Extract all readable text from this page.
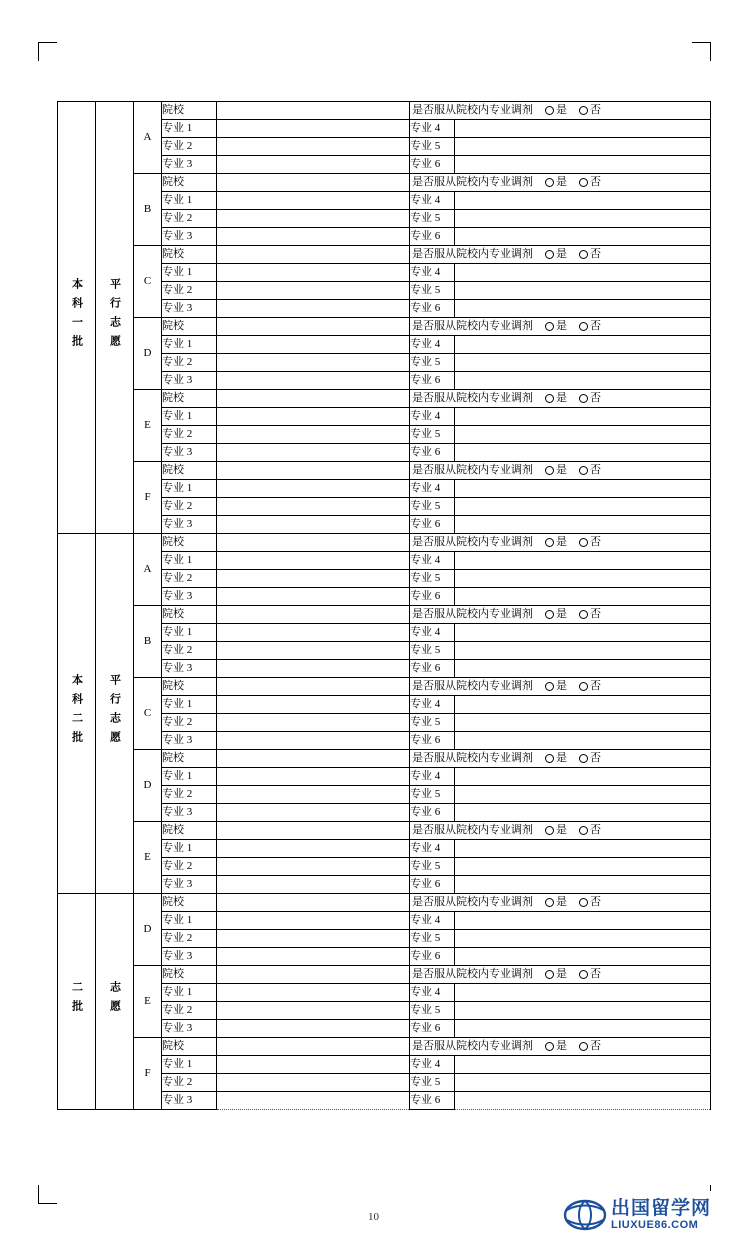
本科一批	平行志愿	A	院校		是否服从院校内专业调剂 是 否	
			专业 1		专业 4	
			专业 2		专业 5	
			专业 3		专业 6	
		B	院校		是否服从院校内专业调剂 是 否	
			专业 1		专业 4	
			专业 2		专业 5	
			专业 3		专业 6	
		C	院校		是否服从院校内专业调剂 是 否	
			专业 1		专业 4	
			专业 2		专业 5	
			专业 3		专业 6	
		D	院校		是否服从院校内专业调剂 是 否	
			专业 1		专业 4	
			专业 2		专业 5	
			专业 3		专业 6	
		E	院校		是否服从院校内专业调剂 是 否	
			专业 1		专业 4	
			专业 2		专业 5	
			专业 3		专业 6	
		F	院校		是否服从院校内专业调剂 是 否	
			专业 1		专业 4	
			专业 2		专业 5	
			专业 3		专业 6	
本科二批	平行志愿	A	院校		是否服从院校内专业调剂 是 否	
			专业 1		专业 4	
			专业 2		专业 5	
			专业 3		专业 6	
		B	院校		是否服从院校内专业调剂 是 否	
			专业 1		专业 4	
			专业 2		专业 5	
			专业 3		专业 6	
		C	院校		是否服从院校内专业调剂 是 否	
			专业 1		专业 4	
			专业 2		专业 5	
			专业 3		专业 6	
		D	院校		是否服从院校内专业调剂 是 否	
			专业 1		专业 4	
			专业 2		专业 5	
			专业 3		专业 6	
		E	院校		是否服从院校内专业调剂 是 否	
			专业 1		专业 4	
			专业 2		专业 5	
			专业 3		专业 6	
二批	志愿	D	院校		是否服从院校内专业调剂 是 否	
			专业 1		专业 4	
			专业 2		专业 5	
			专业 3		专业 6	
		E	院校		是否服从院校内专业调剂 是 否	
			专业 1		专业 4	
			专业 2		专业 5	
			专业 3		专业 6	
		F	院校		是否服从院校内专业调剂 是 否	
			专业 1		专业 4	
			专业 2		专业 5	
			专业 3		专业 6	
10	出国留学网
LIUXUE86.COM
